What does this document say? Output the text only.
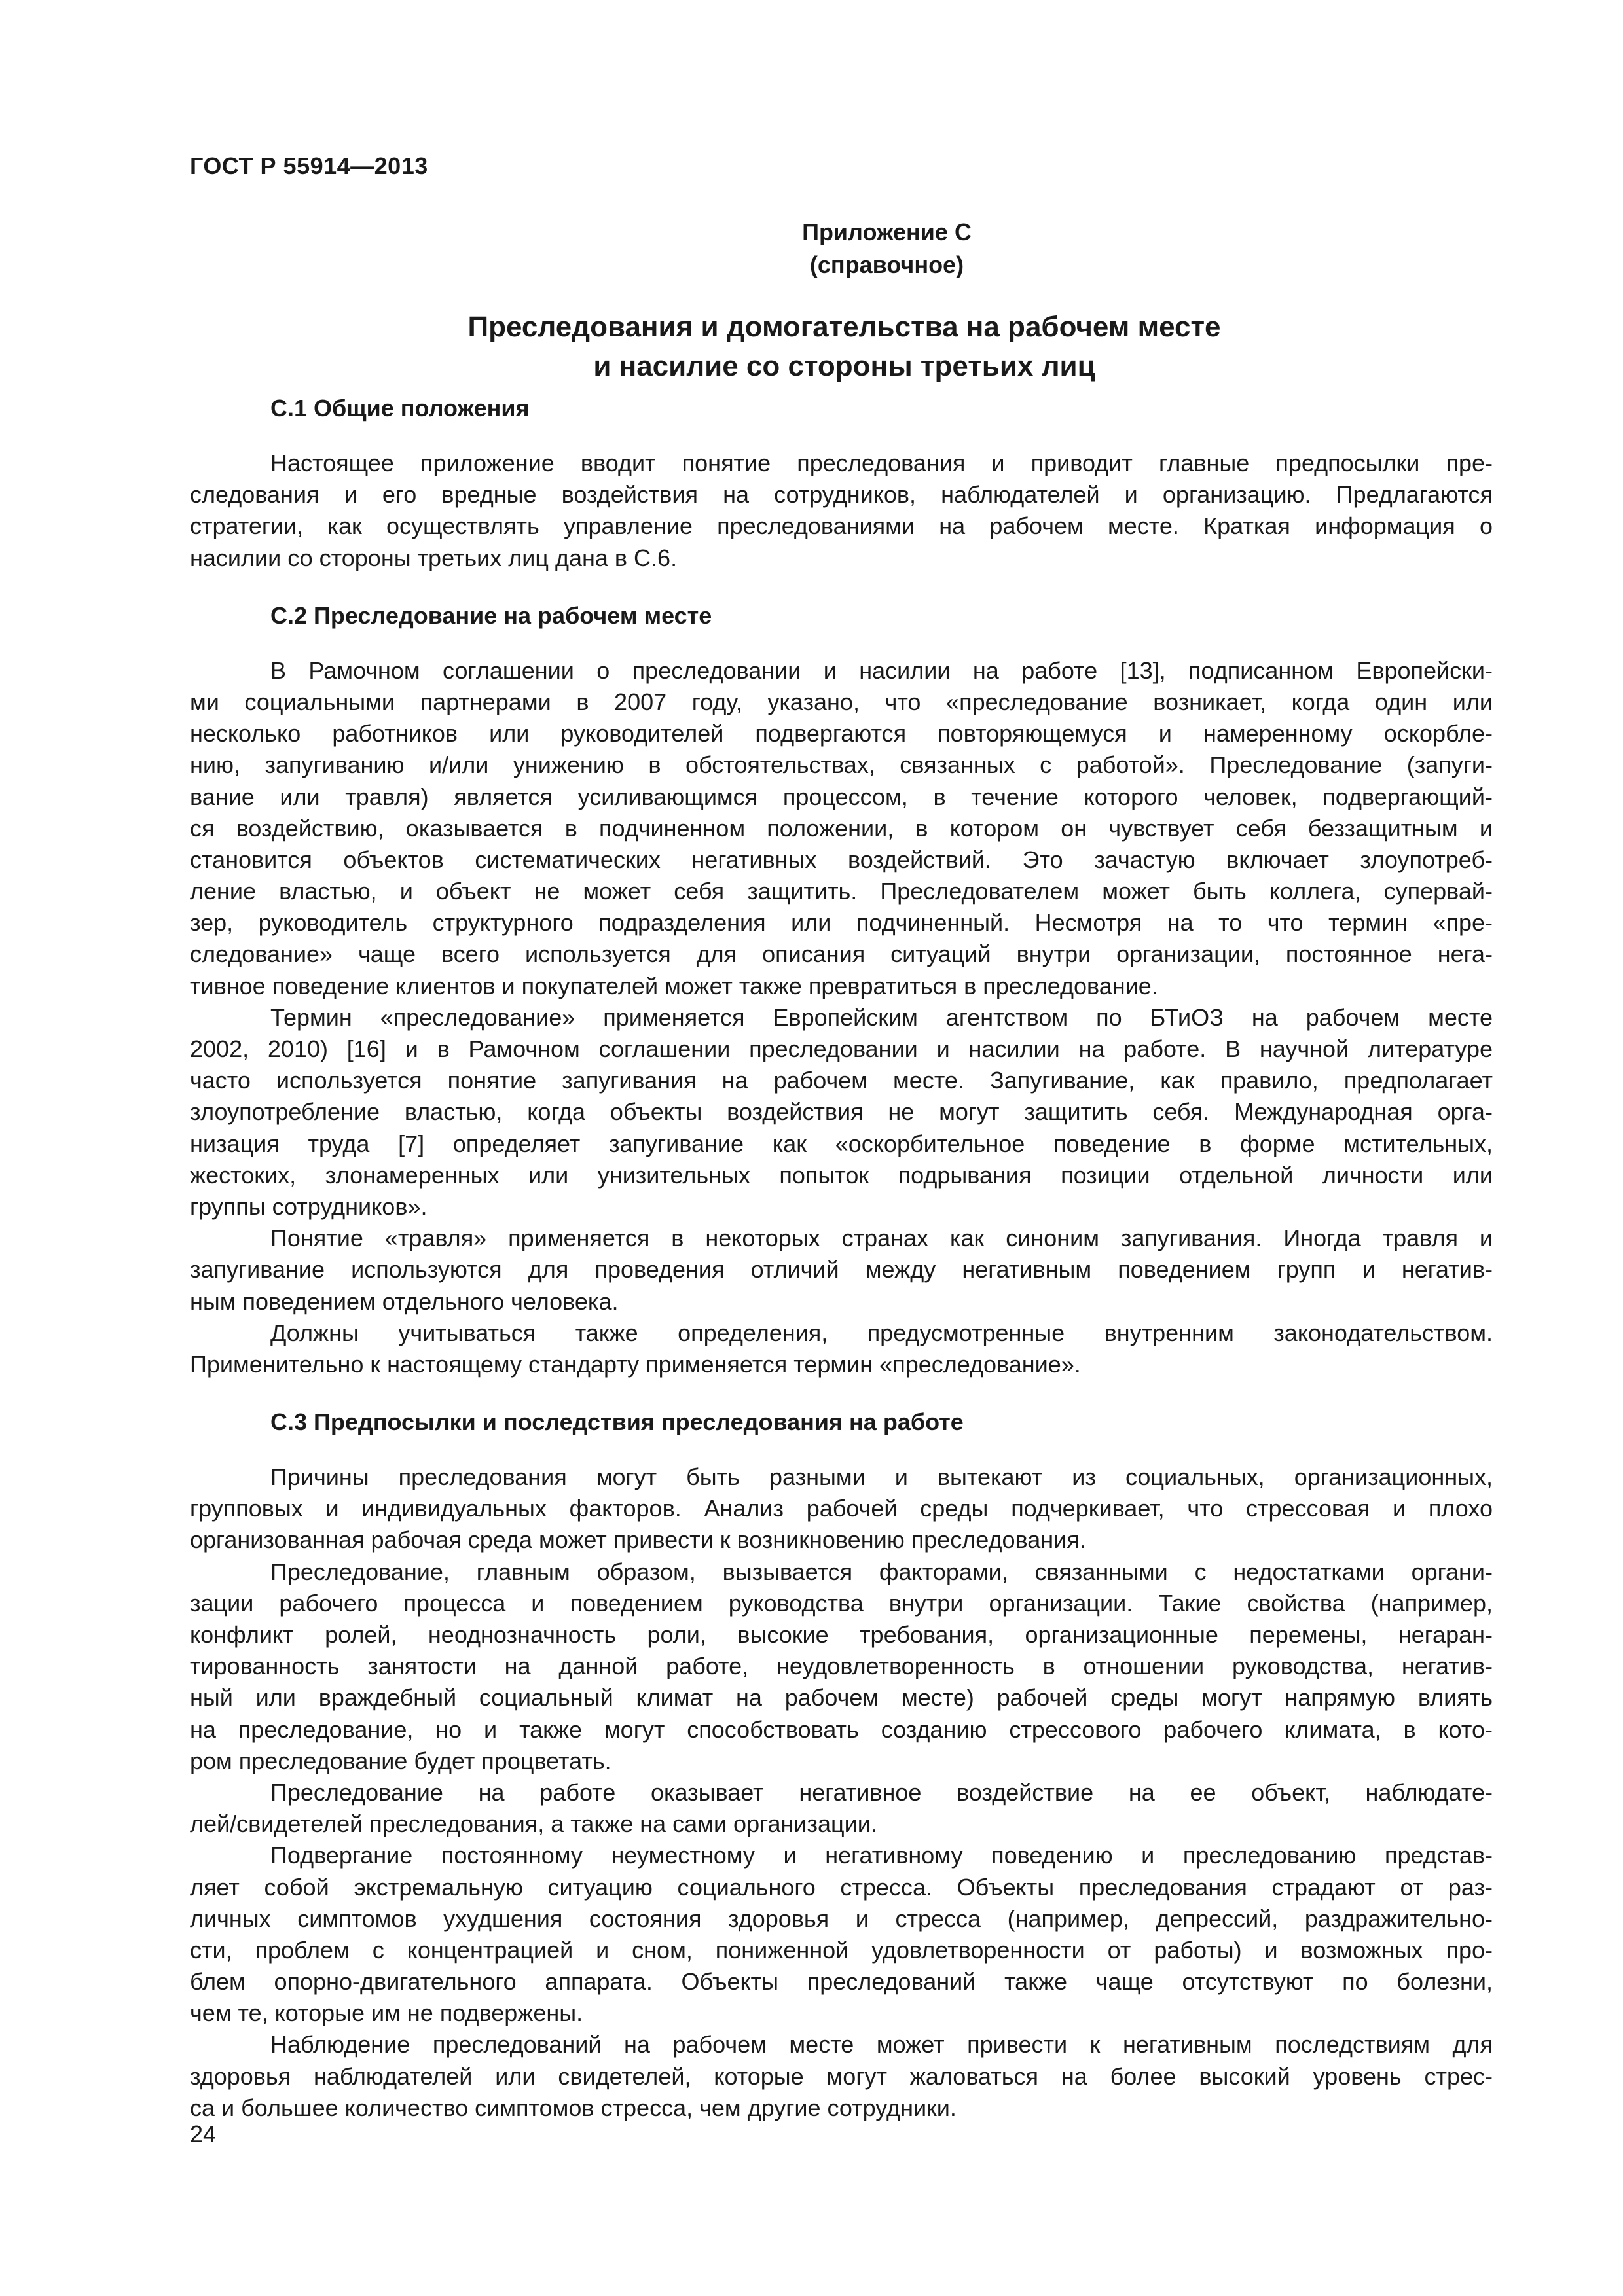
ГОСТ Р 55914—2013
Приложение С
(справочное)
Преследования и домогательства на рабочем месте
и насилие со стороны третьих лиц
С.1 Общие положения
Настоящее приложение вводит понятие преследования и приводит главные предпосылки пре-
следования и его вредные воздействия на сотрудников, наблюдателей и организацию. Предлагаются
стратегии, как осуществлять управление преследованиями на рабочем месте. Краткая информация о
насилии со стороны третьих лиц дана в С.6.
С.2 Преследование на рабочем месте
В Рамочном соглашении о преследовании и насилии на работе [13], подписанном Европейски-
ми социальными партнерами в 2007 году, указано, что «преследование возникает, когда один или
несколько работников или руководителей подвергаются повторяющемуся и намеренному оскорбле-
нию, запугиванию и/или унижению в обстоятельствах, связанных с работой». Преследование (запуги-
вание или травля) является усиливающимся процессом, в течение которого человек, подвергающий-
ся воздействию, оказывается в подчиненном положении, в котором он чувствует себя беззащитным и
становится объектов систематических негативных воздействий. Это зачастую включает злоупотреб-
ление властью, и объект не может себя защитить. Преследователем может быть коллега, супервай-
зер, руководитель структурного подразделения или подчиненный. Несмотря на то что термин «пре-
следование» чаще всего используется для описания ситуаций внутри организации, постоянное нега-
тивное поведение клиентов и покупателей может также превратиться в преследование.
Термин «преследование» применяется Европейским агентством по БТиОЗ на рабочем месте
2002, 2010) [16] и в Рамочном соглашении преследовании и насилии на работе. В научной литературе
часто используется понятие запугивания на рабочем месте. Запугивание, как правило, предполагает
злоупотребление властью, когда объекты воздействия не могут защитить себя. Международная орга-
низация труда [7] определяет запугивание как «оскорбительное поведение в форме мстительных,
жестоких, злонамеренных или унизительных попыток подрывания позиции отдельной личности или
группы сотрудников».
Понятие «травля» применяется в некоторых странах как синоним запугивания. Иногда травля и
запугивание используются для проведения отличий между негативным поведением групп и негатив-
ным поведением отдельного человека.
Должны учитываться также определения, предусмотренные внутренним законодательством.
Применительно к настоящему стандарту применяется термин «преследование».
С.3 Предпосылки и последствия преследования на работе
Причины преследования могут быть разными и вытекают из социальных, организационных,
групповых и индивидуальных факторов. Анализ рабочей среды подчеркивает, что стрессовая и плохо
организованная рабочая среда может привести к возникновению преследования.
Преследование, главным образом, вызывается факторами, связанными с недостатками органи-
зации рабочего процесса и поведением руководства внутри организации. Такие свойства (например,
конфликт ролей, неоднозначность роли, высокие требования, организационные перемены, негаран-
тированность занятости на данной работе, неудовлетворенность в отношении руководства, негатив-
ный или враждебный социальный климат на рабочем месте) рабочей среды могут напрямую влиять
на преследование, но и также могут способствовать созданию стрессового рабочего климата, в кото-
ром преследование будет процветать.
Преследование на работе оказывает негативное воздействие на ее объект, наблюдате-
лей/свидетелей преследования, а также на сами организации.
Подвергание постоянному неуместному и негативному поведению и преследованию представ-
ляет собой экстремальную ситуацию социального стресса. Объекты преследования страдают от раз-
личных симптомов ухудшения состояния здоровья и стресса (например, депрессий, раздражительно-
сти, проблем с концентрацией и сном, пониженной удовлетворенности от работы) и возможных про-
блем опорно-двигательного аппарата. Объекты преследований также чаще отсутствуют по болезни,
чем те, которые им не подвержены.
Наблюдение преследований на рабочем месте может привести к негативным последствиям для
здоровья наблюдателей или свидетелей, которые могут жаловаться на более высокий уровень стрес-
са и большее количество симптомов стресса, чем другие сотрудники.
24
